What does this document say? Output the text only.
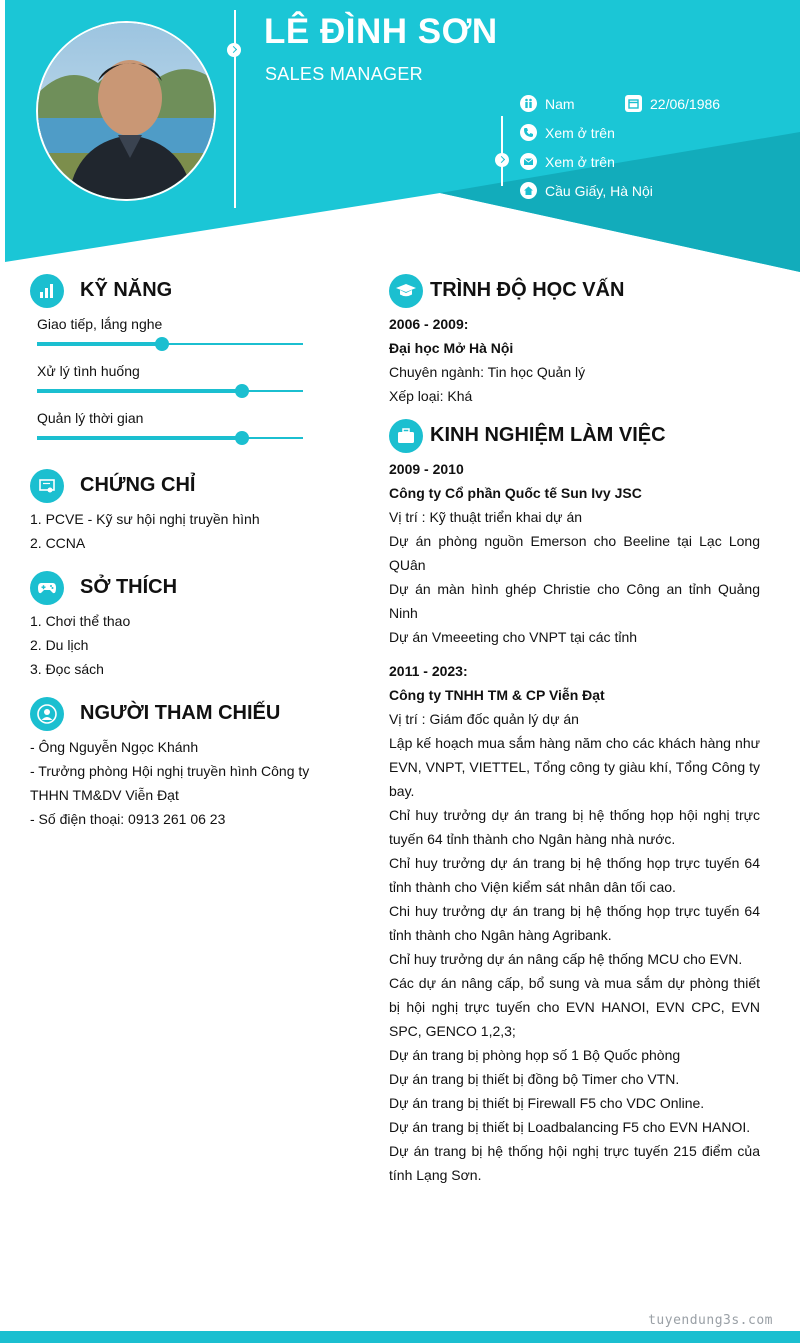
LÊ ĐÌNH SƠN
SALES MANAGER
Nam	22/06/1986
Xem ở trên
Xem ở trên
Cầu Giấy, Hà Nội
KỸ NĂNG
Giao tiếp, lắng nghe
Xử lý tình huống
Quản lý thời gian
CHỨNG CHỈ
1. PCVE - Kỹ sư hội nghị truyền hình
2. CCNA
SỞ THÍCH
1. Chơi thể thao
2. Du lịch
3. Đọc sách
NGƯỜI THAM CHIẾU
- Ông Nguyễn Ngọc Khánh
- Trưởng phòng Hội nghị truyền hình Công ty THHN TM&DV Viễn Đạt
- Số điện thoại: 0913 261 06 23
TRÌNH ĐỘ HỌC VẤN
2006 - 2009:
Đại học Mở Hà Nội
Chuyên ngành: Tin học Quản lý
Xếp loại: Khá
KINH NGHIỆM LÀM VIỆC
2009 - 2010
Công ty Cổ phần Quốc tế Sun Ivy JSC
Vị trí : Kỹ thuật triển khai dự án
Dự án phòng nguồn Emerson cho Beeline tại Lạc Long QUân
Dự án màn hình ghép Christie cho Công an tỉnh Quảng Ninh
Dự án Vmeeeting cho VNPT tại các tỉnh
2011 - 2023:
Công ty TNHH TM & CP Viễn Đạt
Vị trí : Giám đốc quản lý dự án
Lập kế hoạch mua sắm hàng năm cho các khách hàng như EVN, VNPT, VIETTEL, Tổng công ty giàu khí, Tổng Công ty bay.
Chỉ huy trưởng dự án trang bị hệ thống họp hội nghị trực tuyến 64 tỉnh thành cho Ngân hàng nhà nước.
Chỉ huy trưởng dự án trang bị hệ thống họp trực tuyến 64 tỉnh thành cho Viện kiểm sát nhân dân tối cao.
Chi huy trưởng dự án trang bị hệ thống họp trực tuyến 64 tỉnh thành cho Ngân hàng Agribank.
Chỉ huy trưởng dự án nâng cấp hệ thống MCU cho EVN.
Các dự án nâng cấp, bổ sung và mua sắm dự phòng thiết bị hội nghị trực tuyến cho EVN HANOI, EVN CPC, EVN SPC, GENCO 1,2,3;
Dự án trang bị phòng họp số 1 Bộ Quốc phòng
Dự án trang bị thiết bị đồng bộ Timer cho VTN.
Dự án trang bị thiết bị Firewall F5 cho VDC Online.
Dự án trang bị thiết bị Loadbalancing F5 cho EVN HANOI.
Dự án trang bị hệ thống hội nghị trực tuyến 215 điểm của tính Lạng Sơn.
tuyendung3s.com
